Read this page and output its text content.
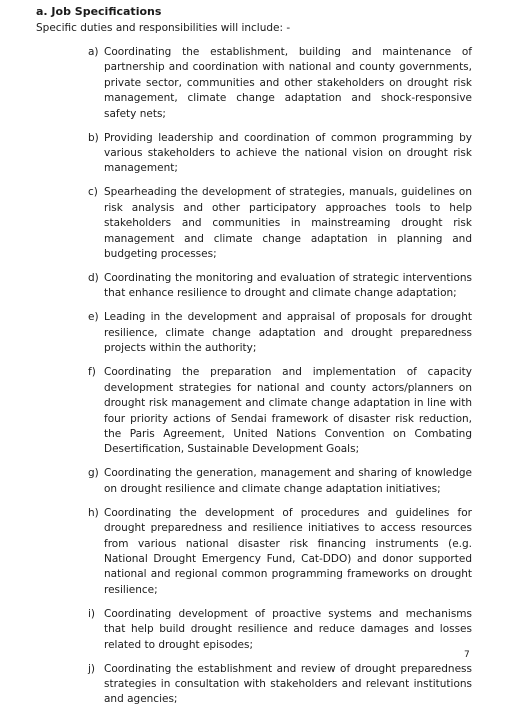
a. Job Specifications
Specific duties and responsibilities will include: -
a) Coordinating the establishment, building and maintenance of partnership and coordination with national and county governments, private sector, communities and other stakeholders on drought risk management, climate change adaptation and shock-responsive safety nets;
b) Providing leadership and coordination of common programming by various stakeholders to achieve the national vision on drought risk management;
c) Spearheading the development of strategies, manuals, guidelines on risk analysis and other participatory approaches tools to help stakeholders and communities in mainstreaming drought risk management and climate change adaptation in planning and budgeting processes;
d) Coordinating the monitoring and evaluation of strategic interventions that enhance resilience to drought and climate change adaptation;
e) Leading in the development and appraisal of proposals for drought resilience, climate change adaptation and drought preparedness projects within the authority;
f) Coordinating the preparation and implementation of capacity development strategies for national and county actors/planners on drought risk management and climate change adaptation in line with four priority actions of Sendai framework of disaster risk reduction, the Paris Agreement, United Nations Convention on Combating Desertification, Sustainable Development Goals;
g) Coordinating the generation, management and sharing of knowledge on drought resilience and climate change adaptation initiatives;
h) Coordinating the development of procedures and guidelines for drought preparedness and resilience initiatives to access resources from various national disaster risk financing instruments (e.g. National Drought Emergency Fund, Cat-DDO) and donor supported national and regional common programming frameworks on drought resilience;
i) Coordinating development of proactive systems and mechanisms that help build drought resilience and reduce damages and losses related to drought episodes;
j) Coordinating the establishment and review of drought preparedness strategies in consultation with stakeholders and relevant institutions and agencies;
7
